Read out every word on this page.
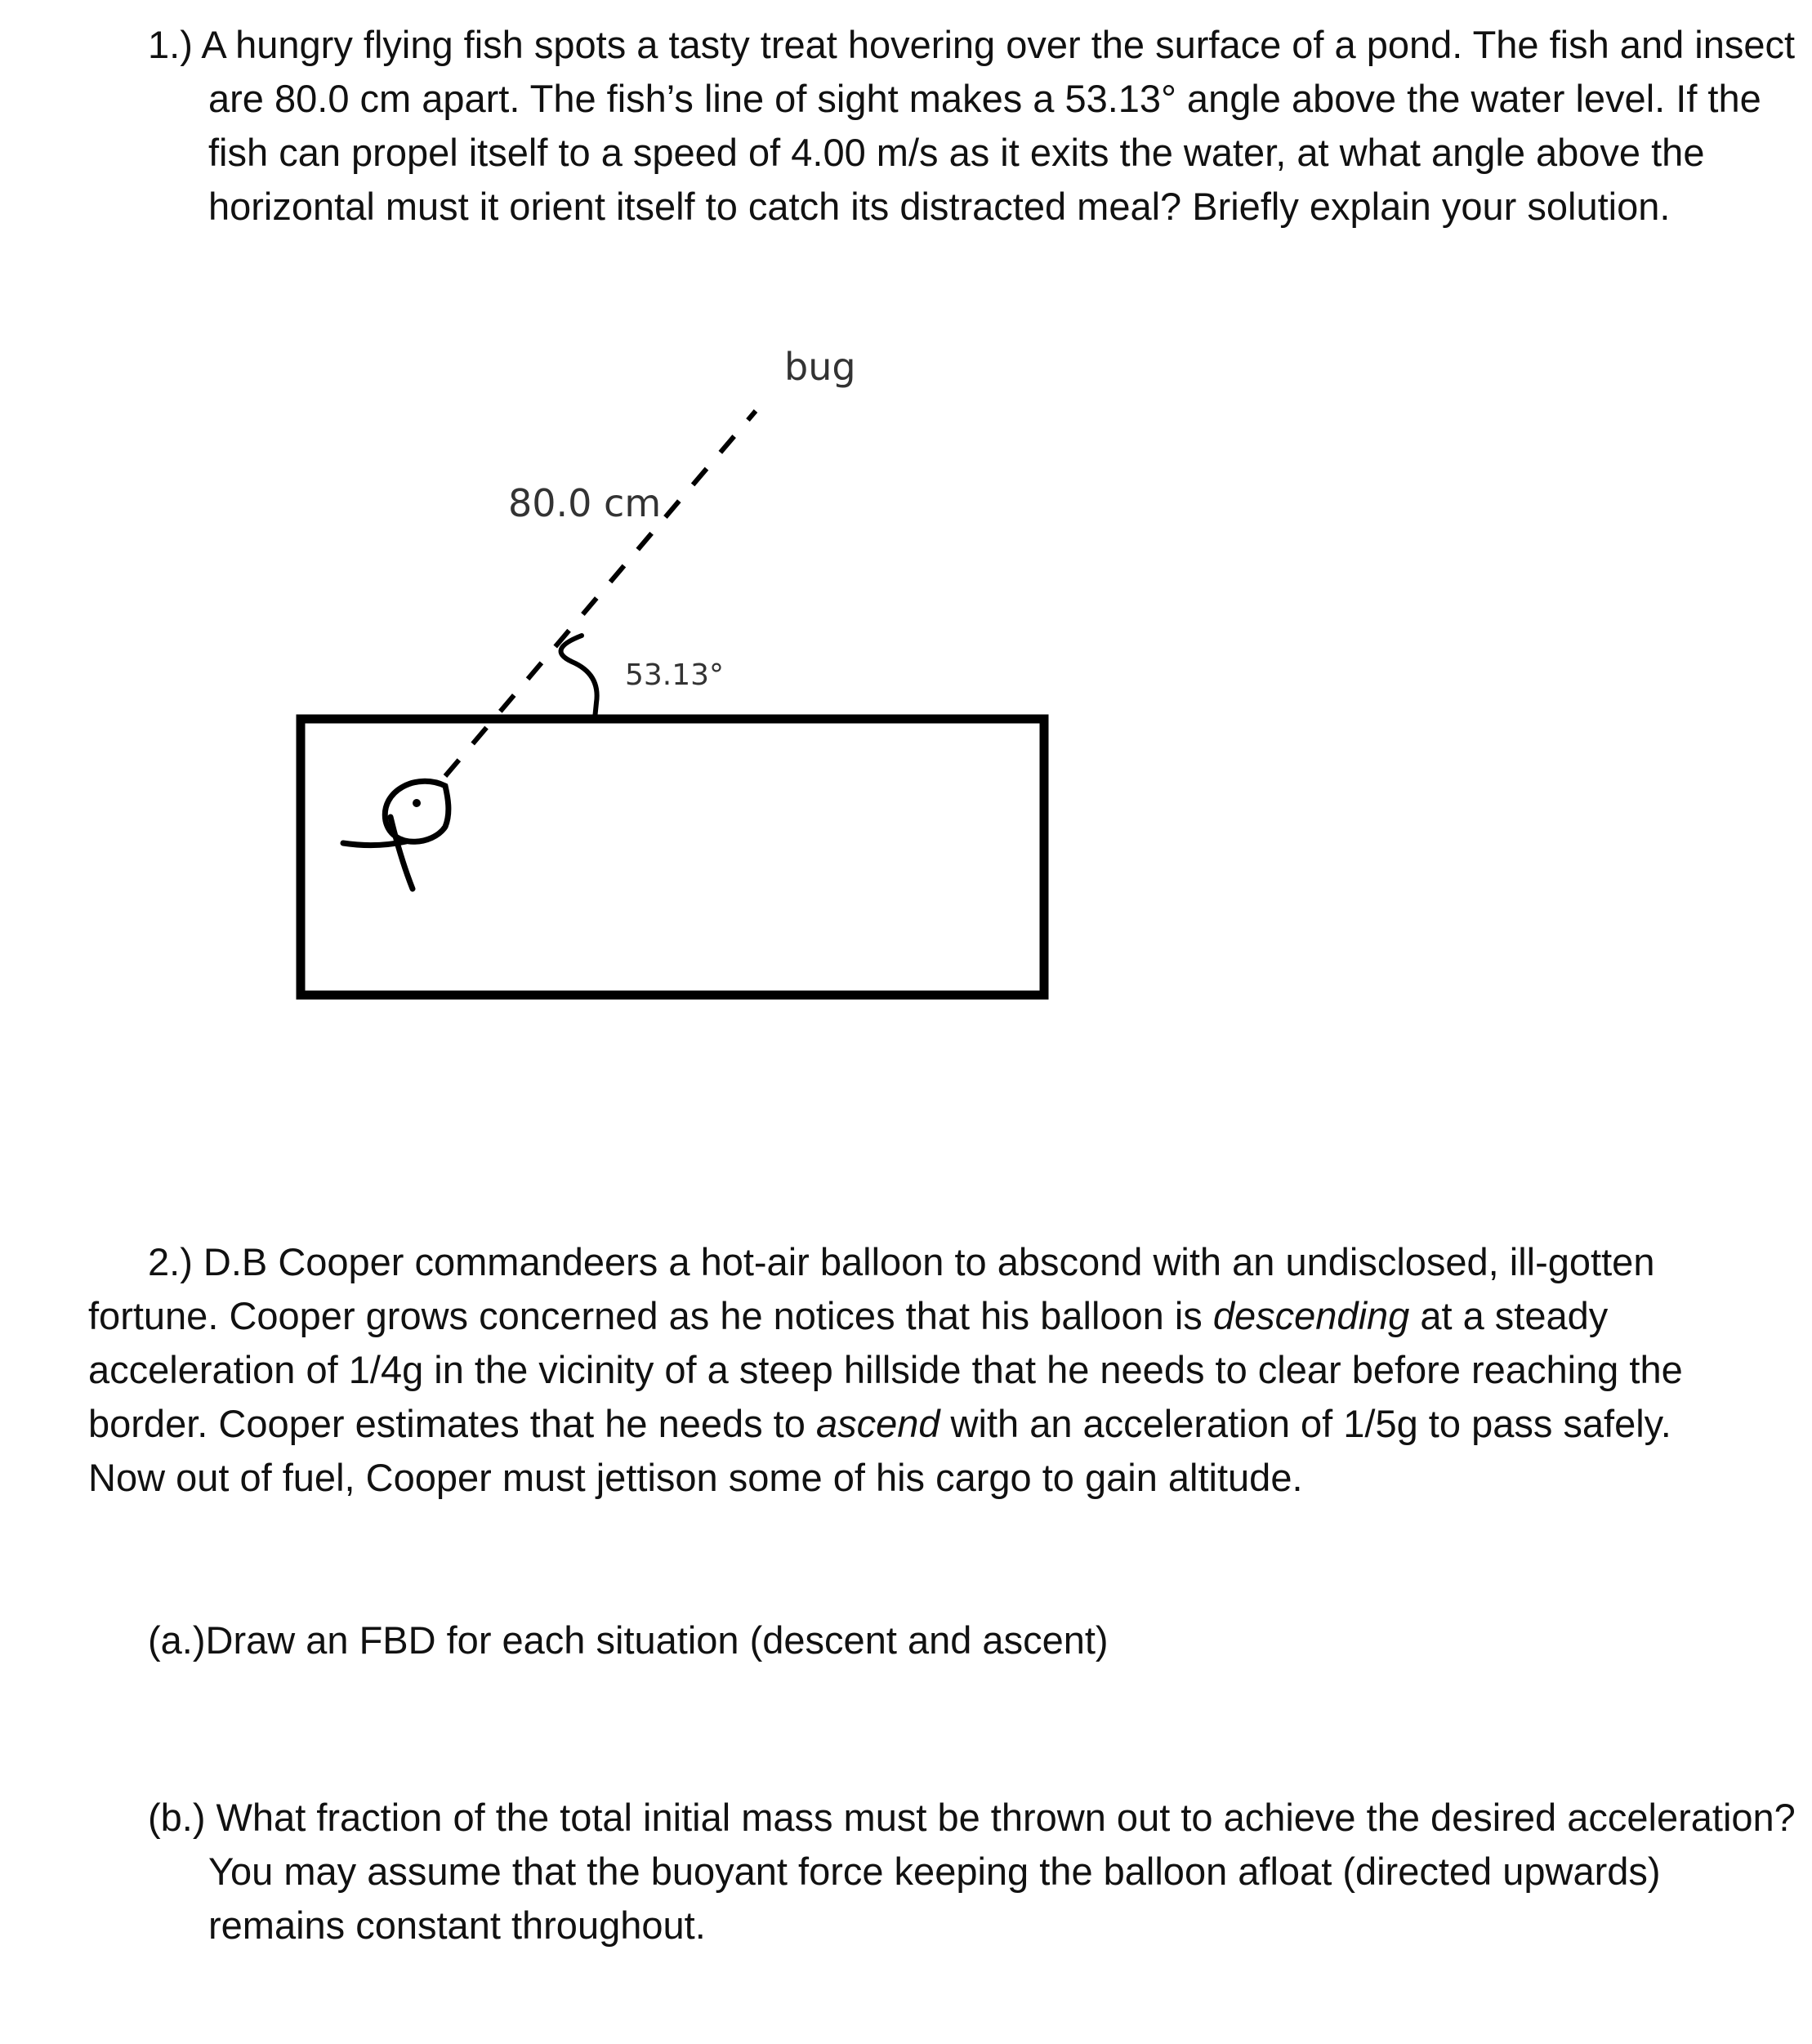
1.) A hungry flying fish spots a tasty treat hovering over the surface of a pond. The fish and insect are 80.0 cm apart. The fish’s line of sight makes a 53.13° angle above the water level. If the fish can propel itself to a speed of 4.00 m/s as it exits the water, at what angle above the horizontal must it orient itself to catch its distracted meal? Briefly explain your solution.

bug
80.0 cm
53.13°

2.) D.B Cooper commandeers a hot-air balloon to abscond with an undisclosed, ill-gotten fortune. Cooper grows concerned as he notices that his balloon is descending at a steady acceleration of 1/4g in the vicinity of a steep hillside that he needs to clear before reaching the border. Cooper estimates that he needs to ascend with an acceleration of 1/5g to pass safely. Now out of fuel, Cooper must jettison some of his cargo to gain altitude.

(a.)Draw an FBD for each situation (descent and ascent)

(b.) What fraction of the total initial mass must be thrown out to achieve the desired acceleration? You may assume that the buoyant force keeping the balloon afloat (directed upwards) remains constant throughout.
